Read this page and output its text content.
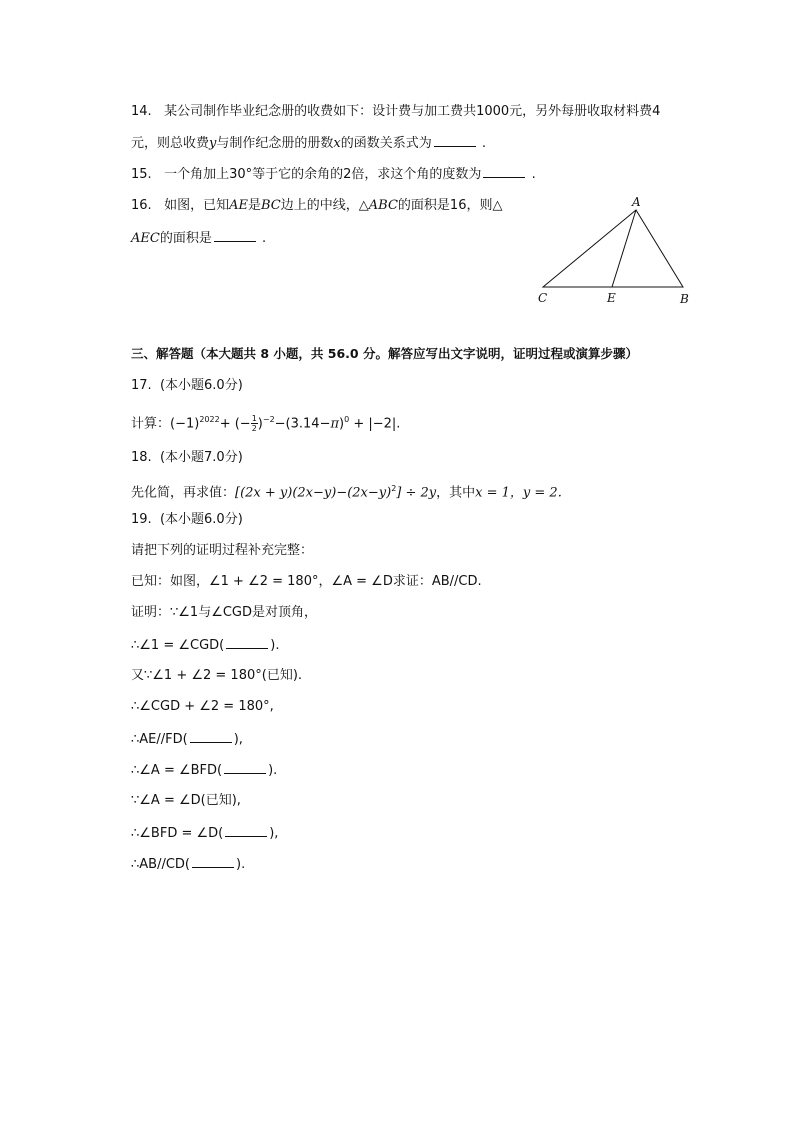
14. 某公司制作毕业纪念册的收费如下：设计费与加工费共1000元，另外每册收取材料费4
元，则总收费y与制作纪念册的册数x的函数关系式为	.
15. 一个角加上30°等于它的余角的2倍，求这个角的度数为	.
16. 如图，已知AE是BC边上的中线，△ABC的面积是16，则△
AEC的面积是	.
A
C	E	B
三、解答题（本大题共 8 小题，共 56.0 分。解答应写出文字说明，证明过程或演算步骤）
17. (本小题6.0分)
计算：$(-1)^{2022}+$ (− $\frac{1}{2} )^{-2}-(3.14-\pi)^0 + |-2|$.
18. (本小题7.0分)
先化简，再求值：$[(2x + y)(2x-y)-(2x-y)^2] \div 2y$，其中x = 1，y = 2.
19. (本小题6.0分)
请把下列的证明过程补充完整：
已知：如图，∠1 + ∠2 = 180°，∠A = ∠D求证：AB//CD.
证明：∵∠1与∠CGD是对顶角，
∴∠1 = ∠CGD(	).
又∵∠1 + ∠2 = 180°(已知).
∴∠CGD + ∠2 = 180°,
∴AE//FD(	),
∴∠A = ∠BFD(	).
∵∠A = ∠D(已知),
∴∠BFD = ∠D(	),
∴AB//CD(	).
